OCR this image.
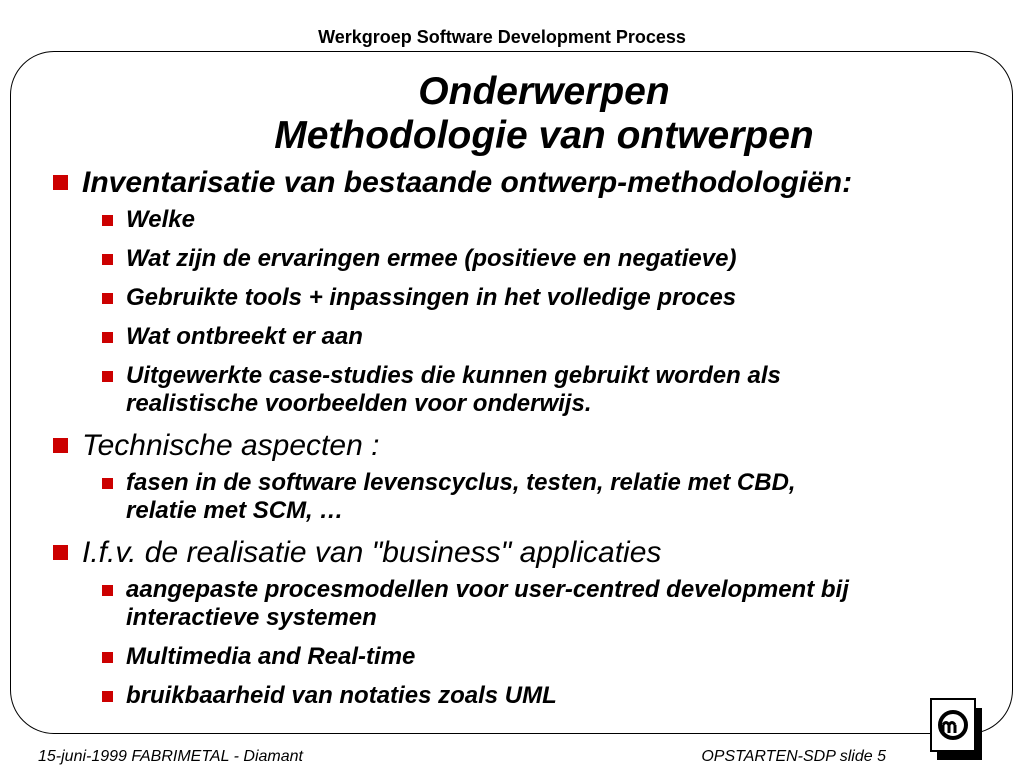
Werkgroep Software Development Process
Onderwerpen
Methodologie van ontwerpen
Inventarisatie van bestaande ontwerp-methodologiën:
Welke
Wat zijn de ervaringen ermee (positieve en negatieve)
Gebruikte tools + inpassingen in het volledige proces
Wat ontbreekt er aan
Uitgewerkte case-studies die kunnen gebruikt worden als
realistische voorbeelden voor onderwijs.
Technische aspecten :
fasen in de software levenscyclus, testen, relatie met CBD,
relatie met SCM, …
I.f.v. de realisatie van "business" applicaties
aangepaste procesmodellen voor user-centred development bij
interactieve systemen
Multimedia and Real-time
bruikbaarheid van notaties zoals UML
15-juni-1999 FABRIMETAL - Diamant	OPSTARTEN-SDP slide 5
